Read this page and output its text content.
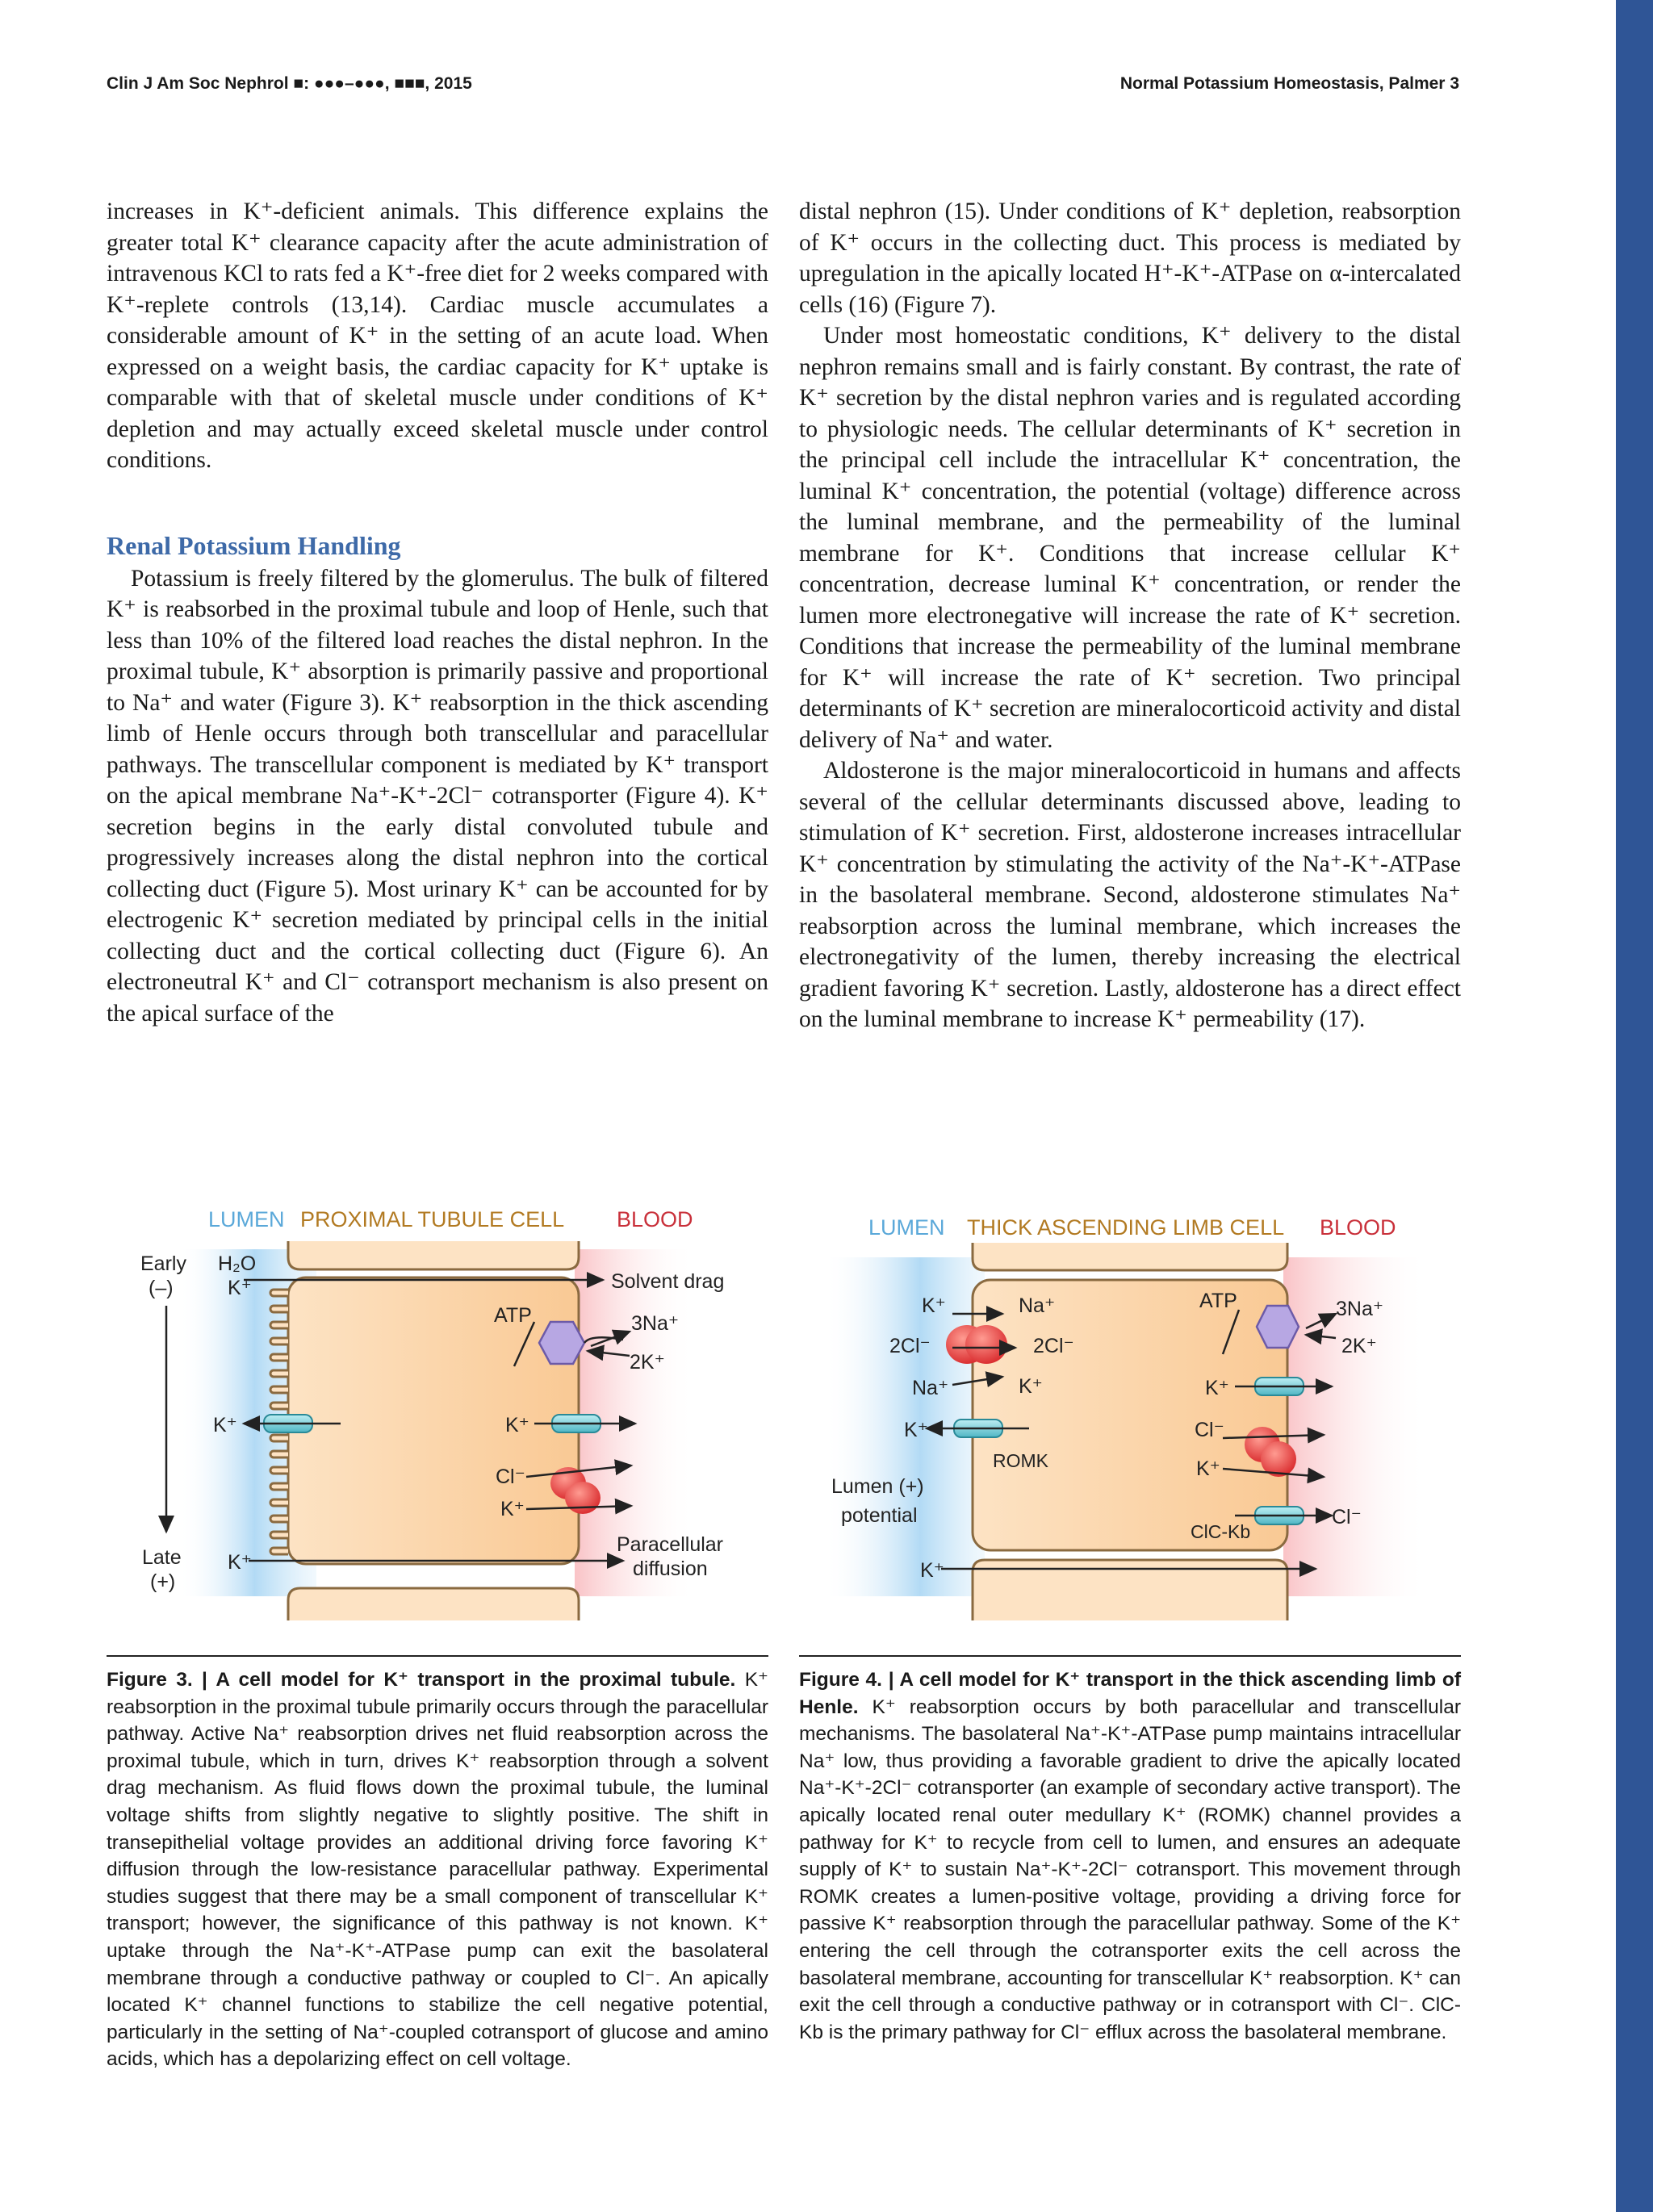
Clin J Am Soc Nephrol ■: ●●●–●●●, ■■■, 2015	Normal Potassium Homeostasis, Palmer 3

increases in K⁺-deficient animals. This difference explains the greater total K⁺ clearance capacity after the acute administration of intravenous KCl to rats fed a K⁺-free diet for 2 weeks compared with K⁺-replete controls (13,14). Cardiac muscle accumulates a considerable amount of K⁺ in the setting of an acute load. When expressed on a weight basis, the cardiac capacity for K⁺ uptake is comparable with that of skeletal muscle under conditions of K⁺ depletion and may actually exceed skeletal muscle under control conditions.

Renal Potassium Handling

Potassium is freely filtered by the glomerulus. The bulk of filtered K⁺ is reabsorbed in the proximal tubule and loop of Henle, such that less than 10% of the filtered load reaches the distal nephron. In the proximal tubule, K⁺ absorption is primarily passive and proportional to Na⁺ and water (Figure 3). K⁺ reabsorption in the thick ascending limb of Henle occurs through both transcellular and paracellular pathways. The transcellular component is mediated by K⁺ transport on the apical membrane Na⁺-K⁺-2Cl⁻ cotransporter (Figure 4). K⁺ secretion begins in the early distal convoluted tubule and progressively increases along the distal nephron into the cortical collecting duct (Figure 5). Most urinary K⁺ can be accounted for by electrogenic K⁺ secretion mediated by principal cells in the initial collecting duct and the cortical collecting duct (Figure 6). An electroneutral K⁺ and Cl⁻ cotransport mechanism is also present on the apical surface of the

distal nephron (15). Under conditions of K⁺ depletion, reabsorption of K⁺ occurs in the collecting duct. This process is mediated by upregulation in the apically located H⁺-K⁺-ATPase on α-intercalated cells (16) (Figure 7).

Under most homeostatic conditions, K⁺ delivery to the distal nephron remains small and is fairly constant. By contrast, the rate of K⁺ secretion by the distal nephron varies and is regulated according to physiologic needs. The cellular determinants of K⁺ secretion in the principal cell include the intracellular K⁺ concentration, the luminal K⁺ concentration, the potential (voltage) difference across the luminal membrane, and the permeability of the luminal membrane for K⁺. Conditions that increase cellular K⁺ concentration, decrease luminal K⁺ concentration, or render the lumen more electronegative will increase the rate of K⁺ secretion. Conditions that increase the permeability of the luminal membrane for K⁺ will increase the rate of K⁺ secretion. Two principal determinants of K⁺ secretion are mineralocorticoid activity and distal delivery of Na⁺ and water.

Aldosterone is the major mineralocorticoid in humans and affects several of the cellular determinants discussed above, leading to stimulation of K⁺ secretion. First, aldosterone increases intracellular K⁺ concentration by stimulating the activity of the Na⁺-K⁺-ATPase in the basolateral membrane. Second, aldosterone stimulates Na⁺ reabsorption across the luminal membrane, which increases the electronegativity of the lumen, thereby increasing the electrical gradient favoring K⁺ secretion. Lastly, aldosterone has a direct effect on the luminal membrane to increase K⁺ permeability (17).

LUMEN PROXIMAL TUBULE CELL BLOOD
Early
(–)
Late
(+)
H₂O
K⁺	Solvent drag
ATP	3Na⁺
2K⁺
K⁺	K⁺
Cl⁻
K⁺
K⁺
Paracellular
diffusion
LUMEN THICK ASCENDING LIMB CELL BLOOD
K⁺
2Cl⁻
Na⁺
Na⁺
2Cl⁻
K⁺
K⁺
ROMK
Lumen (+)
potential
K⁺
ATP	3Na⁺
2K⁺
K⁺
Cl⁻
K⁺
Cl⁻
ClC-Kb

Figure 3. | A cell model for K⁺ transport in the proximal tubule. K⁺ reabsorption in the proximal tubule primarily occurs through the paracellular pathway. Active Na⁺ reabsorption drives net fluid reabsorption across the proximal tubule, which in turn, drives K⁺ reabsorption through a solvent drag mechanism. As fluid flows down the proximal tubule, the luminal voltage shifts from slightly negative to slightly positive. The shift in transepithelial voltage provides an additional driving force favoring K⁺ diffusion through the low-resistance paracellular pathway. Experimental studies suggest that there may be a small component of transcellular K⁺ transport; however, the significance of this pathway is not known. K⁺ uptake through the Na⁺-K⁺-ATPase pump can exit the basolateral membrane through a conductive pathway or coupled to Cl⁻. An apically located K⁺ channel functions to stabilize the cell negative potential, particularly in the setting of Na⁺-coupled cotransport of glucose and amino acids, which has a depolarizing effect on cell voltage.

Figure 4. | A cell model for K⁺ transport in the thick ascending limb of Henle. K⁺ reabsorption occurs by both paracellular and transcellular mechanisms. The basolateral Na⁺-K⁺-ATPase pump maintains intracellular Na⁺ low, thus providing a favorable gradient to drive the apically located Na⁺-K⁺-2Cl⁻ cotransporter (an example of secondary active transport). The apically located renal outer medullary K⁺ (ROMK) channel provides a pathway for K⁺ to recycle from cell to lumen, and ensures an adequate supply of K⁺ to sustain Na⁺-K⁺-2Cl⁻ cotransport. This movement through ROMK creates a lumen-positive voltage, providing a driving force for passive K⁺ reabsorption through the paracellular pathway. Some of the K⁺ entering the cell through the cotransporter exits the cell across the basolateral membrane, accounting for transcellular K⁺ reabsorption. K⁺ can exit the cell through a conductive pathway or in cotransport with Cl⁻. ClC-Kb is the primary pathway for Cl⁻ efflux across the basolateral membrane.
